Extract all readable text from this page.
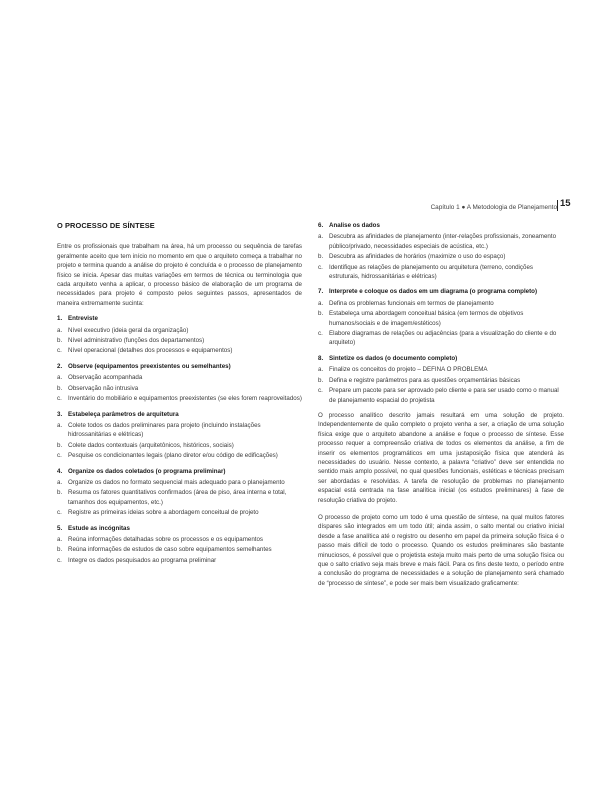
Capítulo 1 ● A Metodologia de Planejamento 15
O PROCESSO DE SÍNTESE

Entre os profissionais que trabalham na área, há um processo ou sequência de tarefas geralmente aceito que tem início no momento em que o arquiteto começa a trabalhar no projeto e termina quando a análise do projeto é concluída e o processo de planejamento físico se inicia. Apesar das muitas variações em termos de técnica ou terminologia que cada arquiteto venha a aplicar, o processo básico de elaboração de um programa de necessidades para projeto é composto pelos seguintes passos, apresentados de maneira extremamente sucinta:

1. Entreviste
a. Nível executivo (ideia geral da organização)
b. Nível administrativo (funções dos departamentos)
c. Nível operacional (detalhes dos processos e equipamentos)
2. Observe (equipamentos preexistentes ou semelhantes)
a. Observação acompanhada
b. Observação não intrusiva
c. Inventário do mobiliário e equipamentos preexistentes (se eles forem reaproveitados)
3. Estabeleça parâmetros de arquitetura
a. Colete todos os dados preliminares para projeto (incluindo instalações hidrossanitárias e elétricas)
b. Colete dados contextuais (arquitetônicos, históricos, sociais)
c. Pesquise os condicionantes legais (plano diretor e/ou código de edificações)
4. Organize os dados coletados (o programa preliminar)
a. Organize os dados no formato sequencial mais adequado para o planejamento
b. Resuma os fatores quantitativos confirmados (área de piso, área interna e total, tamanhos dos equipamentos, etc.)
c. Registre as primeiras ideias sobre a abordagem conceitual de projeto
5. Estude as incógnitas
a. Reúna informações detalhadas sobre os processos e os equipamentos
b. Reúna informações de estudos de caso sobre equipamentos semelhantes
c. Integre os dados pesquisados ao programa preliminar
6. Analise os dados
a. Descubra as afinidades de planejamento (inter-relações profissionais, zoneamento público/privado, necessidades especiais de acústica, etc.)
b. Descubra as afinidades de horários (maximize o uso do espaço)
c. Identifique as relações de planejamento ou arquitetura (terreno, condições estruturais, hidrossanitárias e elétricas)
7. Interprete e coloque os dados em um diagrama (o programa completo)
a. Defina os problemas funcionais em termos de planejamento
b. Estabeleça uma abordagem conceitual básica (em termos de objetivos humanos/sociais e de imagem/estéticos)
c. Elabore diagramas de relações ou adjacências (para a visualização do cliente e do arquiteto)
8. Sintetize os dados (o documento completo)
a. Finalize os conceitos do projeto – DEFINA O PROBLEMA
b. Defina e registre parâmetros para as questões orçamentárias básicas
c. Prepare um pacote para ser aprovado pelo cliente e para ser usado como o manual de planejamento espacial do projetista

O processo analítico descrito jamais resultará em uma solução de projeto. Independentemente de quão completo o projeto venha a ser, a criação de uma solução física exige que o arquiteto abandone a análise e foque o processo de síntese. Esse processo requer a compreensão criativa de todos os elementos da análise, a fim de inserir os elementos programáticos em uma justaposição física que atenderá às necessidades do usuário. Nesse contexto, a palavra “criativo” deve ser entendida no sentido mais amplo possível, no qual questões funcionais, estéticas e técnicas precisam ser abordadas e resolvidas. A tarefa de resolução de problemas no planejamento espacial está centrada na fase analítica inicial (os estudos preliminares) à fase de resolução criativa do projeto.

O processo de projeto como um todo é uma questão de síntese, na qual muitos fatores díspares são integrados em um todo útil; ainda assim, o salto mental ou criativo inicial desde a fase analítica até o registro ou desenho em papel da primeira solução física é o passo mais difícil de todo o processo. Quando os estudos preliminares são bastante minuciosos, é possível que o projetista esteja muito mais perto de uma solução física ou que o salto criativo seja mais breve e mais fácil. Para os fins deste texto, o período entre a conclusão do programa de necessidades e a solução de planejamento será chamado de “processo de síntese”, e pode ser mais bem visualizado graficamente:
